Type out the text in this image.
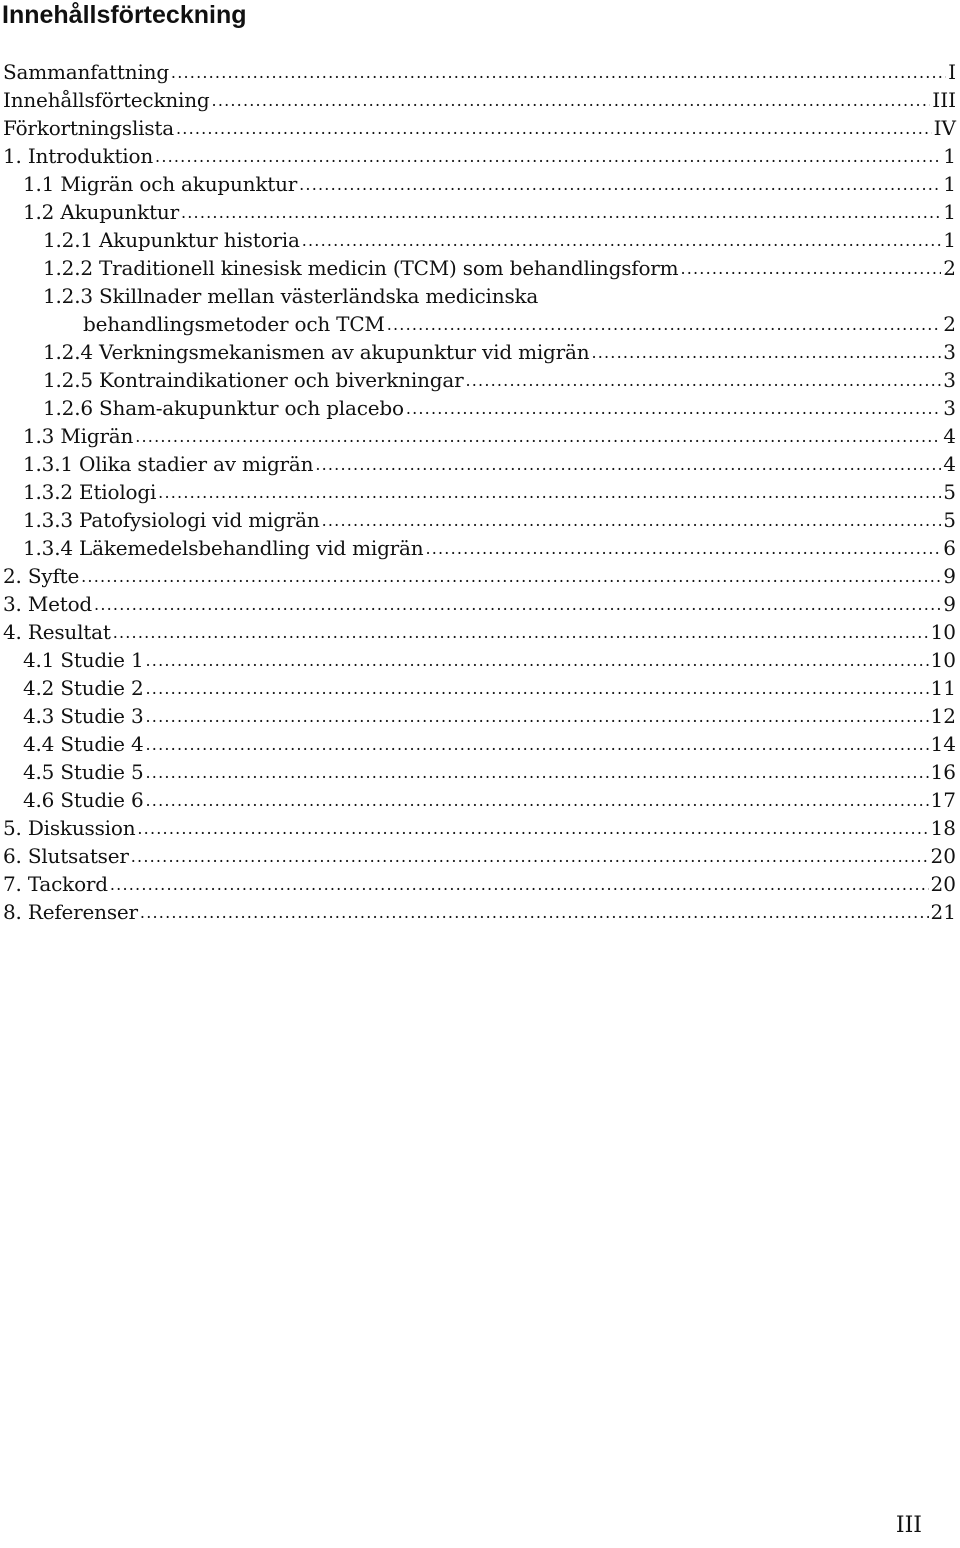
Innehållsförteckning
Sammanfattning .....	I
Innehållsförteckning .....	III
Förkortningslista .....	IV
1. Introduktion .....	1
1.1 Migrän och akupunktur .....	1
1.2 Akupunktur .....	1
1.2.1 Akupunktur historia .....	1
1.2.2 Traditionell kinesisk medicin (TCM) som behandlingsform .....	2
1.2.3 Skillnader mellan västerländska medicinska
behandlingsmetoder och TCM .....	2
1.2.4 Verkningsmekanismen av akupunktur vid migrän .....	3
1.2.5 Kontraindikationer och biverkningar .....	3
1.2.6 Sham-akupunktur och placebo .....	3
1.3 Migrän .....	4
1.3.1 Olika stadier av migrän .....	4
1.3.2 Etiologi .....	5
1.3.3 Patofysiologi vid migrän .....	5
1.3.4 Läkemedelsbehandling vid migrän .....	6
2. Syfte .....	9
3. Metod .....	9
4. Resultat .....	10
4.1 Studie 1 .....	10
4.2 Studie 2 .....	11
4.3 Studie 3 .....	12
4.4 Studie 4 .....	14
4.5 Studie 5 .....	16
4.6 Studie 6 .....	17
5. Diskussion .....	18
6. Slutsatser .....	20
7. Tackord .....	20
8. Referenser .....	21
III
